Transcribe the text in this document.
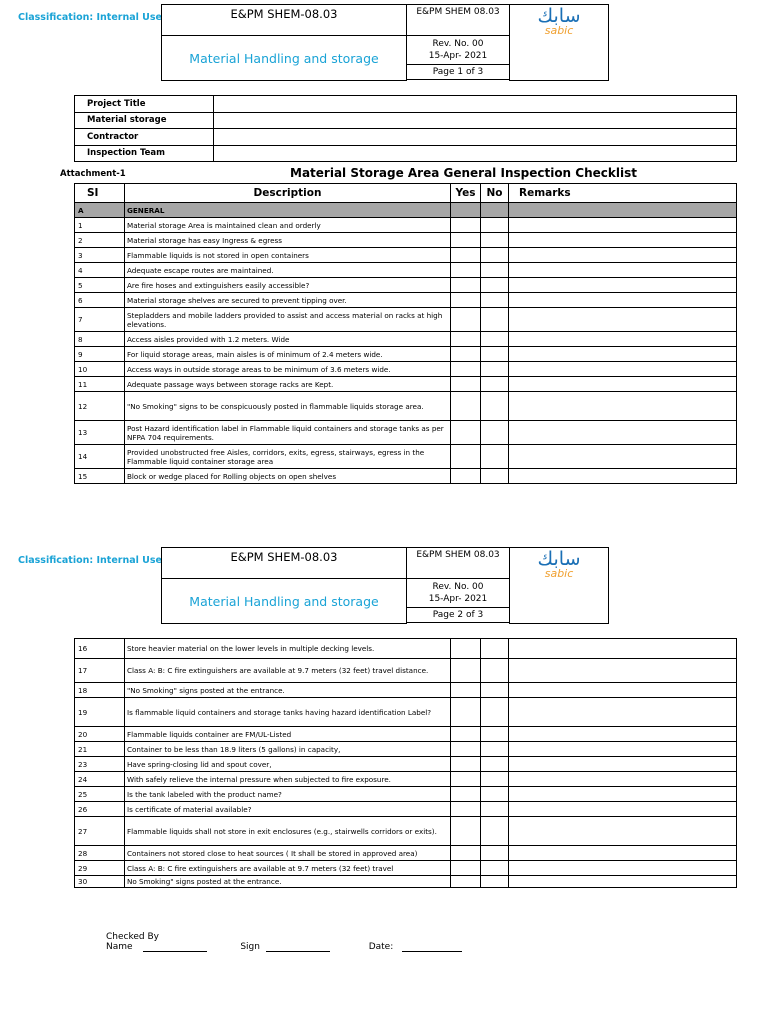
Classification: Internal Use	E&PM SHEM-08.03	E&PM SHEM 08.03	سابك
sabic

Material Handling and storage	Rev. No. 00
15-Apr- 2021	

	Page 1 of 3	

Project Title	
Material storage	
Contractor	
Inspection Team	
Attachment-1	Material Storage Area General Inspection Checklist
SI	Description	Yes	No	Remarks
A	GENERAL			
1	Material storage Area is maintained clean and orderly			
2	Material storage has easy Ingress & egress			
3	Flammable liquids is not stored in open containers			
4	Adequate escape routes are maintained.			
5	Are fire hoses and extinguishers easily accessible?			
6	Material storage shelves are secured to prevent tipping over.			
7	Stepladders and mobile ladders provided to assist and access material on racks at high elevations.			
8	Access aisles provided with 1.2 meters. Wide			
9	For liquid storage areas, main aisles is of minimum of 2.4 meters wide.			
10	Access ways in outside storage areas to be minimum of 3.6 meters wide.			
11	Adequate passage ways between storage racks are Kept.			
12	"No Smoking" signs to be conspicuously posted in flammable liquids storage area.			
13	Post Hazard identification label in Flammable liquid containers and storage tanks as per NFPA 704 requirements.			
14	Provided unobstructed free Aisles, corridors, exits, egress, stairways, egress in the Flammable liquid container storage area			
15	Block or wedge placed for Rolling objects on open shelves			
Classification: Internal Use	E&PM SHEM-08.03	E&PM SHEM 08.03	سابك
sabic

Material Handling and storage	Rev. No. 00
15-Apr- 2021	

	Page 2 of 3	

16	Store heavier material on the lower levels in multiple decking levels.			
17	Class A: B: C fire extinguishers are available at 9.7 meters (32 feet) travel distance.			
18	"No Smoking" signs posted at the entrance.			
19	Is flammable liquid containers and storage tanks having hazard identification Label?			
20	Flammable liquids container are FM/UL-Listed			
21	Container to be less than 18.9 liters (5 gallons) in capacity,			
23	Have spring-closing lid and spout cover,			
24	With safely relieve the internal pressure when subjected to fire exposure.			
25	Is the tank labeled with the product name?			
26	Is certificate of material available?			
27	Flammable liquids shall not store in exit enclosures (e.g., stairwells corridors or exits).			
28	Containers not stored close to heat sources ( It shall be stored in approved area)			
29	Class A: B: C fire extinguishers are available at 9.7 meters (32 feet) travel			
30	No Smoking" signs posted at the entrance.			
Checked By
Name	Sign	Date:
